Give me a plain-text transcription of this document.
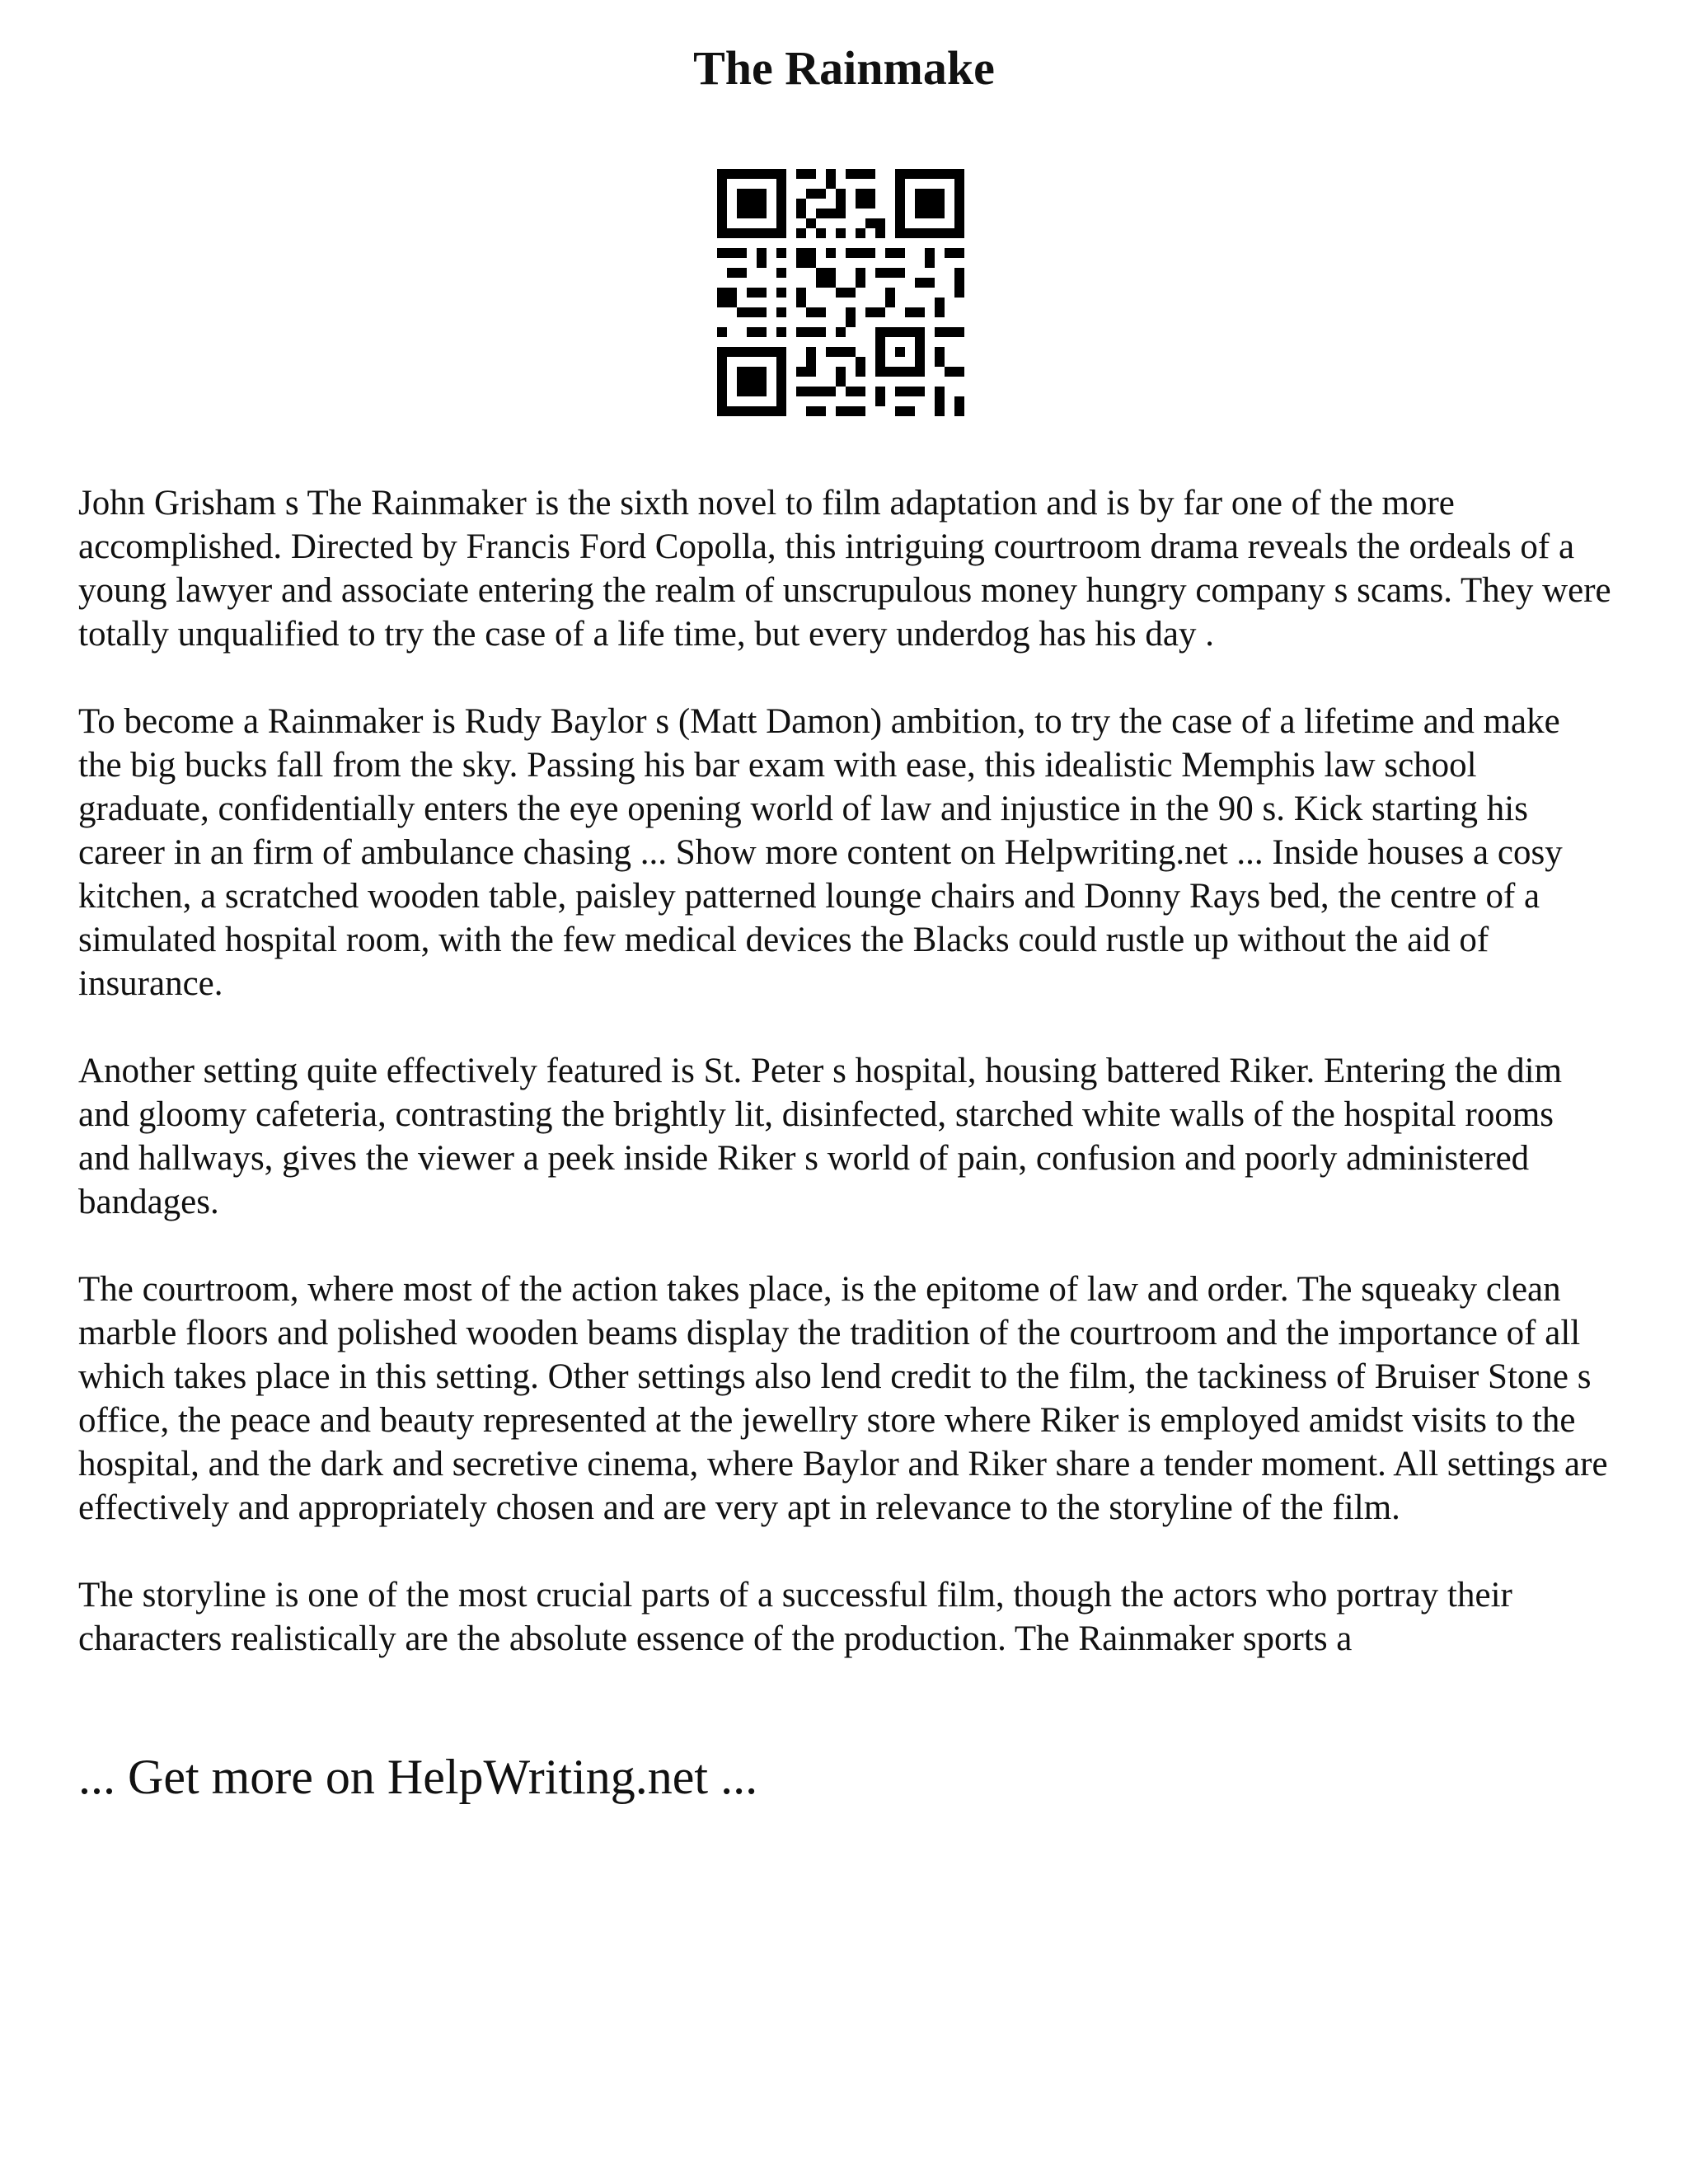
The Rainmake

John Grisham s The Rainmaker is the sixth novel to film adaptation and is by far one of the more accomplished. Directed by Francis Ford Copolla, this intriguing courtroom drama reveals the ordeals of a young lawyer and associate entering the realm of unscrupulous money hungry company s scams. They were totally unqualified to try the case of a life time, but every underdog has his day .

To become a Rainmaker is Rudy Baylor s (Matt Damon) ambition, to try the case of a lifetime and make the big bucks fall from the sky. Passing his bar exam with ease, this idealistic Memphis law school graduate, confidentially enters the eye opening world of law and injustice in the 90 s. Kick starting his career in an firm of ambulance chasing ... Show more content on Helpwriting.net ... Inside houses a cosy kitchen, a scratched wooden table, paisley patterned lounge chairs and Donny Rays bed, the centre of a simulated hospital room, with the few medical devices the Blacks could rustle up without the aid of insurance.

Another setting quite effectively featured is St. Peter s hospital, housing battered Riker. Entering the dim and gloomy cafeteria, contrasting the brightly lit, disinfected, starched white walls of the hospital rooms and hallways, gives the viewer a peek inside Riker s world of pain, confusion and poorly administered bandages.

The courtroom, where most of the action takes place, is the epitome of law and order. The squeaky clean marble floors and polished wooden beams display the tradition of the courtroom and the importance of all which takes place in this setting. Other settings also lend credit to the film, the tackiness of Bruiser Stone s office, the peace and beauty represented at the jewellry store where Riker is employed amidst visits to the hospital, and the dark and secretive cinema, where Baylor and Riker share a tender moment. All settings are effectively and appropriately chosen and are very apt in relevance to the storyline of the film.

The storyline is one of the most crucial parts of a successful film, though the actors who portray their characters realistically are the absolute essence of the production. The Rainmaker sports a

... Get more on HelpWriting.net ...
